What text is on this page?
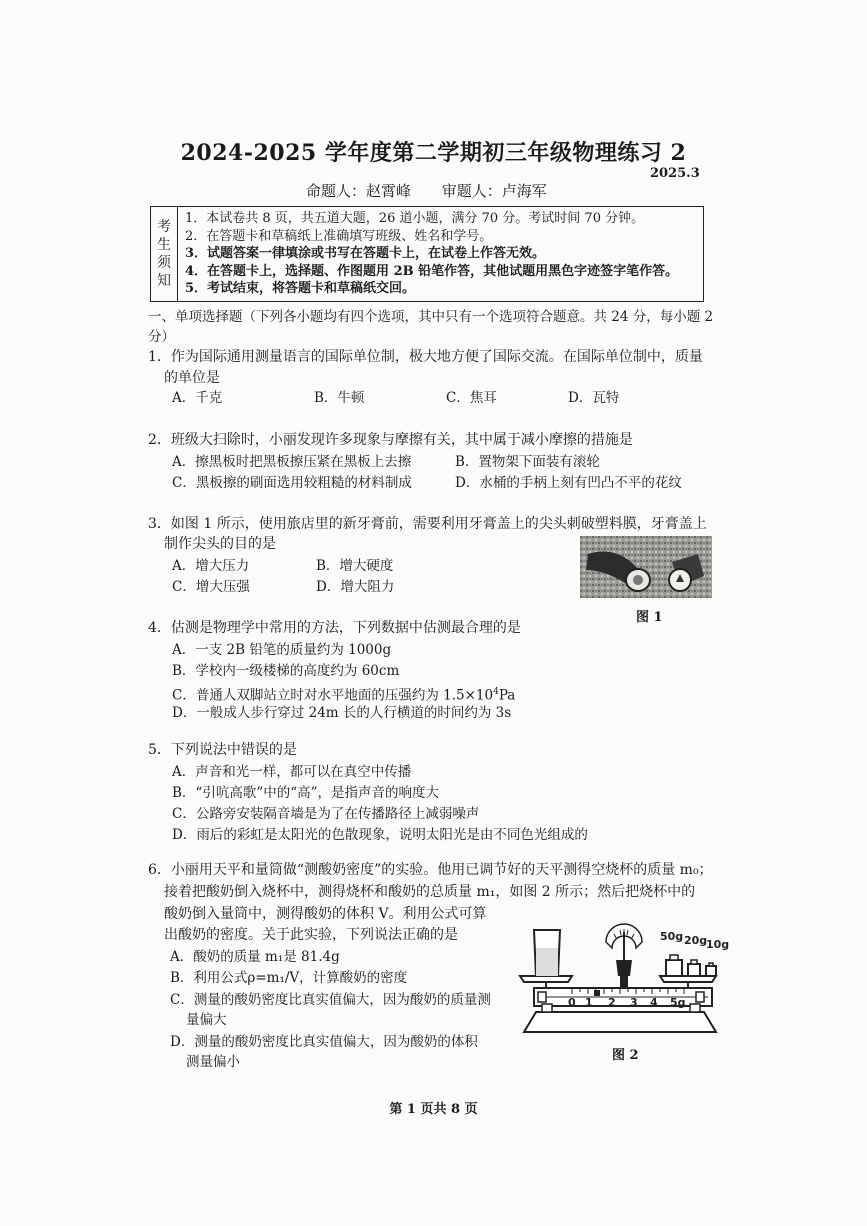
2024-2025 学年度第二学期初三年级物理练习 2
2025.3
命题人：赵霄峰 审题人：卢海军
考
生
须
知
1．本试卷共 8 页，共五道大题，26 道小题，满分 70 分。考试时间 70 分钟。
2．在答题卡和草稿纸上准确填写班级、姓名和学号。
3．试题答案一律填涂或书写在答题卡上，在试卷上作答无效。
4．在答题卡上，选择题、作图题用 2B 铅笔作答，其他试题用黑色字迹签字笔作答。
5．考试结束，将答题卡和草稿纸交回。
一、单项选择题（下列各小题均有四个选项，其中只有一个选项符合题意。共 24 分，每小题 2 分）
1．作为国际通用测量语言的国际单位制，极大地方便了国际交流。在国际单位制中，质量
的单位是
A．千克	B．牛顿	C．焦耳	D．瓦特
2．班级大扫除时，小丽发现许多现象与摩擦有关，其中属于减小摩擦的措施是
A．擦黑板时把黑板擦压紧在黑板上去擦	B．置物架下面装有滚轮
C．黑板擦的刷面选用较粗糙的材料制成	D．水桶的手柄上刻有凹凸不平的花纹
3．如图 1 所示，使用旅店里的新牙膏前，需要利用牙膏盖上的尖头刺破塑料膜，牙膏盖上
制作尖头的目的是
A．增大压力	B．增大硬度
C．增大压强	D．增大阻力
图 1
4．估测是物理学中常用的方法，下列数据中估测最合理的是
A．一支 2B 铅笔的质量约为 1000g
B．学校内一级楼梯的高度约为 60cm
C．普通人双脚站立时对水平地面的压强约为 $1.5\times 10^4Pa$
D．一般成人步行穿过 24m 长的人行横道的时间约为 3s
5．下列说法中错误的是
A．声音和光一样，都可以在真空中传播
B．“引吭高歌”中的“高”，是指声音的响度大
C．公路旁安装隔音墙是为了在传播路径上减弱噪声
D．雨后的彩虹是太阳光的色散现象，说明太阳光是由不同色光组成的
6．小丽用天平和量筒做“测酸奶密度”的实验。他用已调节好的天平测得空烧杯的质量 m₀；
接着把酸奶倒入烧杯中，测得烧杯和酸奶的总质量 m₁，如图 2 所示；然后把烧杯中的
酸奶倒入量筒中，测得酸奶的体积 V。利用公式可算
出酸奶的密度。关于此实验，下列说法正确的是
A．酸奶的质量 m₁是 81.4g
B．利用公式ρ=m₁/V，计算酸奶的密度
C．测量的酸奶密度比真实值偏大，因为酸奶的质量测
量偏大
D．测量的酸奶密度比真实值偏大，因为酸奶的体积
测量偏小
0 1 2 3 4 5g
50g 20g
10g
图 2
第 1 页共 8 页
